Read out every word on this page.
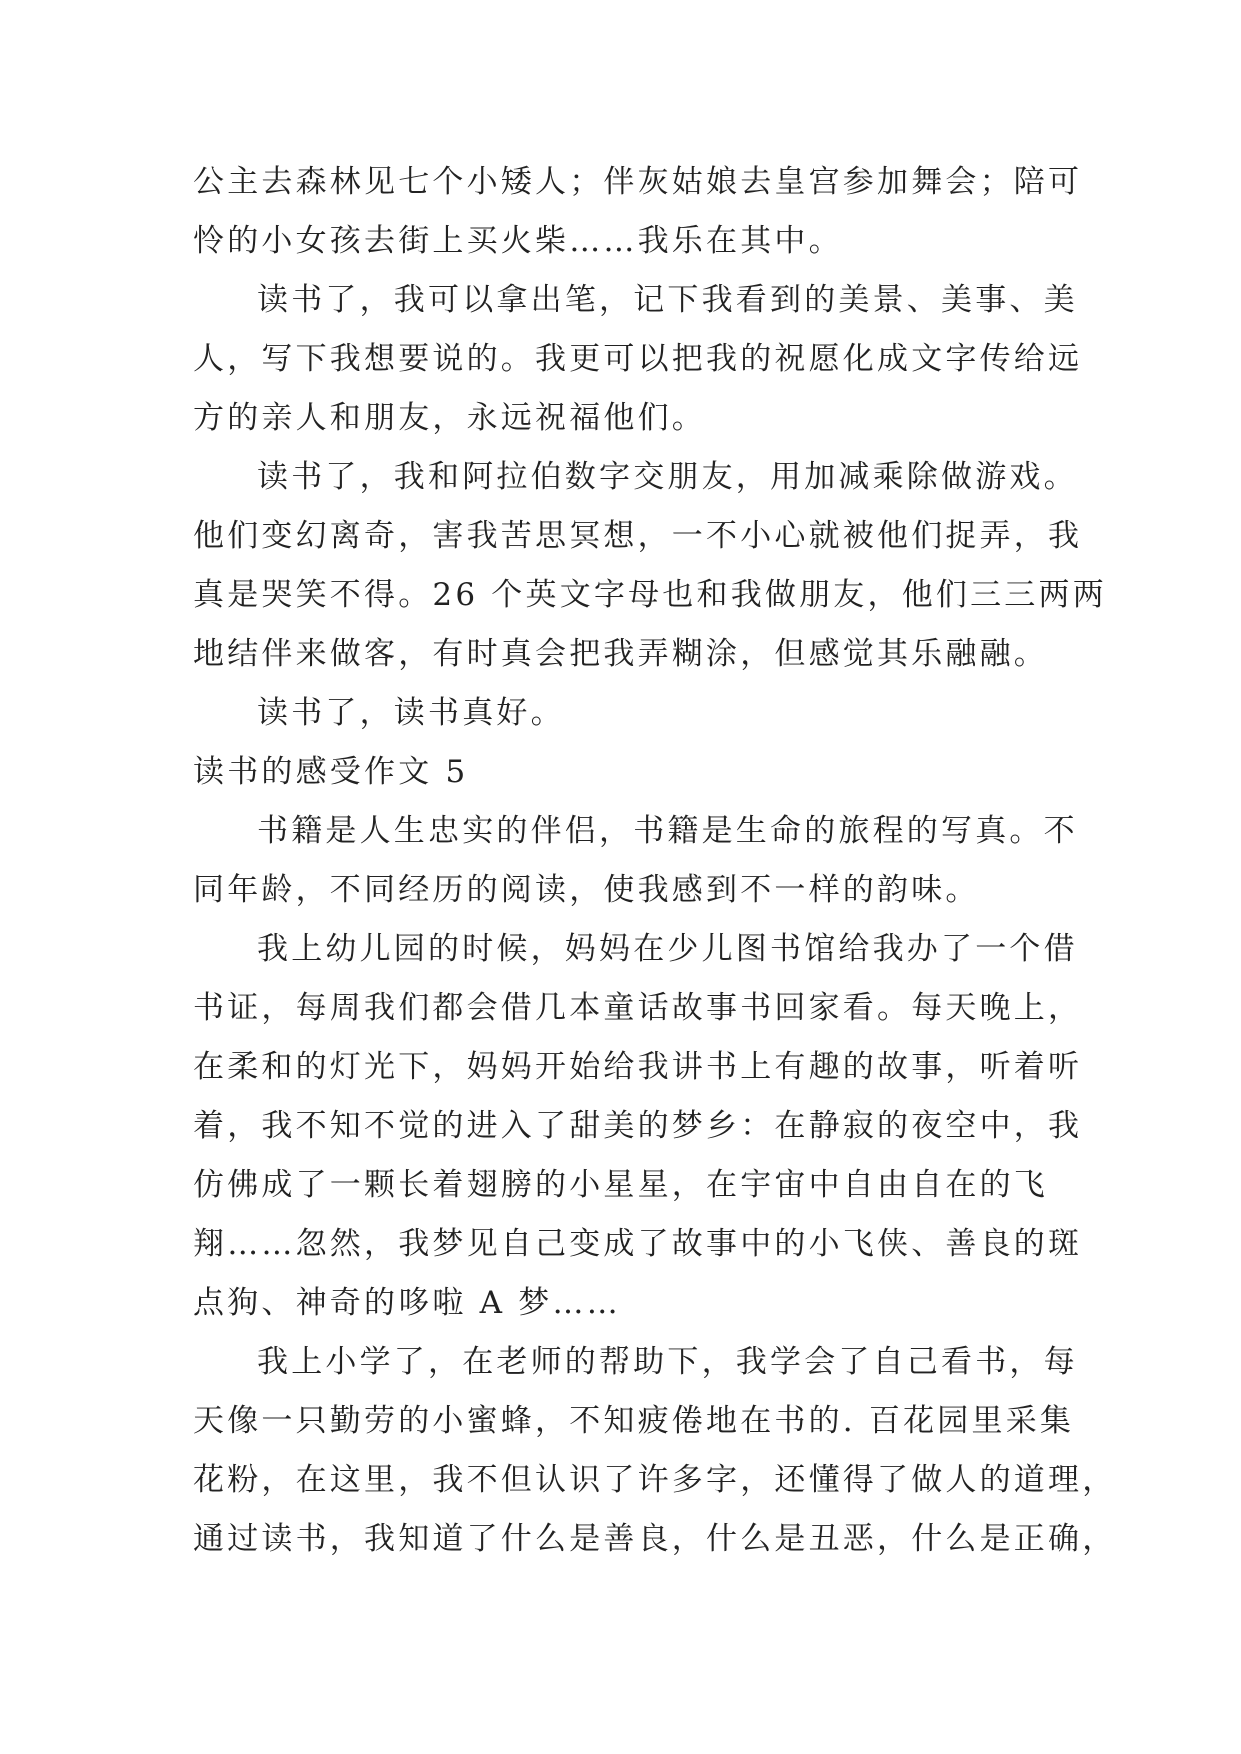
公主去森林见七个小矮人；伴灰姑娘去皇宫参加舞会；陪可
怜的小女孩去街上买火柴……我乐在其中。
读书了，我可以拿出笔，记下我看到的美景、美事、美
人，写下我想要说的。我更可以把我的祝愿化成文字传给远
方的亲人和朋友，永远祝福他们。
读书了，我和阿拉伯数字交朋友，用加减乘除做游戏。
他们变幻离奇，害我苦思冥想，一不小心就被他们捉弄，我
真是哭笑不得。26 个英文字母也和我做朋友，他们三三两两
地结伴来做客，有时真会把我弄糊涂，但感觉其乐融融。
读书了，读书真好。
读书的感受作文 5
书籍是人生忠实的伴侣，书籍是生命的旅程的写真。不
同年龄，不同经历的阅读，使我感到不一样的韵味。
我上幼儿园的时候，妈妈在少儿图书馆给我办了一个借
书证，每周我们都会借几本童话故事书回家看。每天晚上，
在柔和的灯光下，妈妈开始给我讲书上有趣的故事，听着听
着，我不知不觉的进入了甜美的梦乡：在静寂的夜空中，我
仿佛成了一颗长着翅膀的小星星，在宇宙中自由自在的飞
翔……忽然，我梦见自己变成了故事中的小飞侠、善良的斑
点狗、神奇的哆啦 A 梦……
我上小学了，在老师的帮助下，我学会了自己看书，每
天像一只勤劳的小蜜蜂，不知疲倦地在书的. 百花园里采集
花粉，在这里，我不但认识了许多字，还懂得了做人的道理，
通过读书，我知道了什么是善良，什么是丑恶，什么是正确，
